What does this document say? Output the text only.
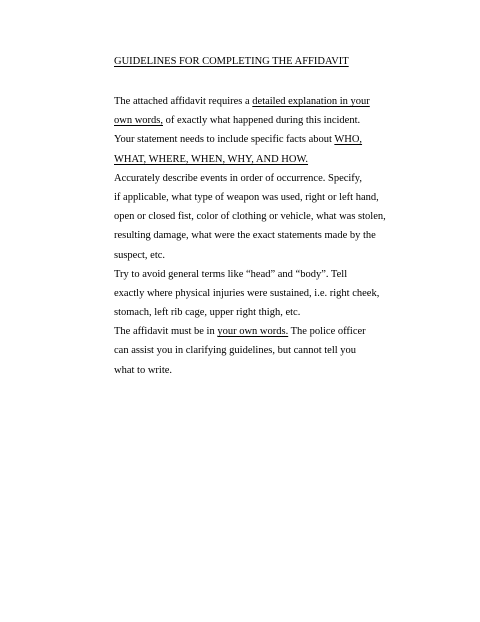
GUIDELINES FOR COMPLETING THE AFFIDAVIT
The attached affidavit requires a detailed explanation in your
own words, of exactly what happened during this incident.
Your statement needs to include specific facts about WHO,
WHAT, WHERE, WHEN, WHY, AND HOW.
Accurately describe events in order of occurrence. Specify,
if applicable, what type of weapon was used, right or left hand,
open or closed fist, color of clothing or vehicle, what was stolen,
resulting damage, what were the exact statements made by the
suspect, etc.
Try to avoid general terms like “head” and “body”. Tell
exactly where physical injuries were sustained, i.e. right cheek,
stomach, left rib cage, upper right thigh, etc.
The affidavit must be in your own words. The police officer
can assist you in clarifying guidelines, but cannot tell you
what to write.
